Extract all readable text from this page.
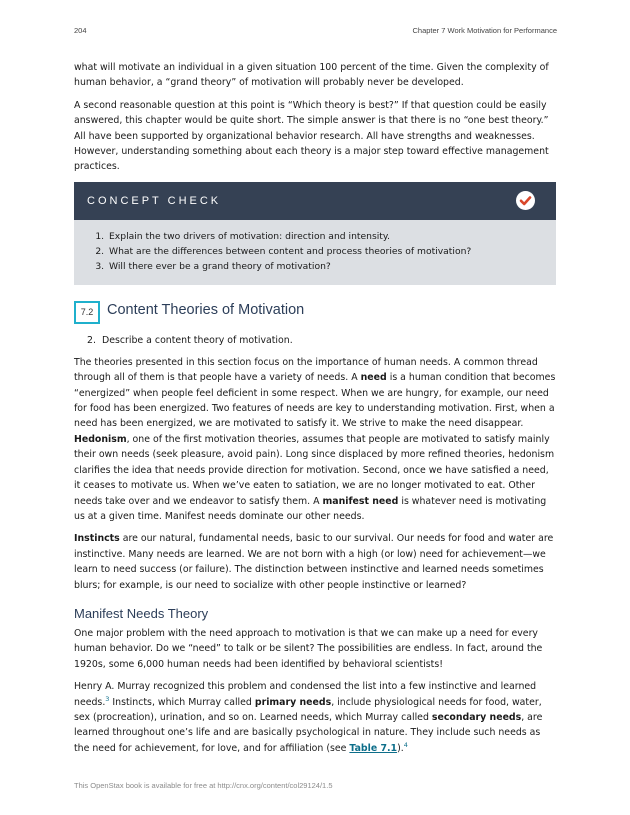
204	Chapter 7 Work Motivation for Performance

what will motivate an individual in a given situation 100 percent of the time. Given the complexity of human behavior, a “grand theory” of motivation will probably never be developed.

A second reasonable question at this point is “Which theory is best?” If that question could be easily answered, this chapter would be quite short. The simple answer is that there is no “one best theory.” All have been supported by organizational behavior research. All have strengths and weaknesses. However, understanding something about each theory is a major step toward effective management practices.

CONCEPT CHECK
1. Explain the two drivers of motivation: direction and intensity.
2. What are the differences between content and process theories of motivation?
3. Will there ever be a grand theory of motivation?
7.2 Content Theories of Motivation
2. Describe a content theory of motivation.

The theories presented in this section focus on the importance of human needs. A common thread through all of them is that people have a variety of needs. A need is a human condition that becomes “energized” when people feel deficient in some respect. When we are hungry, for example, our need for food has been energized. Two features of needs are key to understanding motivation. First, when a need has been energized, we are motivated to satisfy it. We strive to make the need disappear. Hedonism, one of the first motivation theories, assumes that people are motivated to satisfy mainly their own needs (seek pleasure, avoid pain). Long since displaced by more refined theories, hedonism clarifies the idea that needs provide direction for motivation. Second, once we have satisfied a need, it ceases to motivate us. When we’ve eaten to satiation, we are no longer motivated to eat. Other needs take over and we endeavor to satisfy them. A manifest need is whatever need is motivating us at a given time. Manifest needs dominate our other needs.

Instincts are our natural, fundamental needs, basic to our survival. Our needs for food and water are instinctive. Many needs are learned. We are not born with a high (or low) need for achievement—we learn to need success (or failure). The distinction between instinctive and learned needs sometimes blurs; for example, is our need to socialize with other people instinctive or learned?

Manifest Needs Theory

One major problem with the need approach to motivation is that we can make up a need for every human behavior. Do we “need” to talk or be silent? The possibilities are endless. In fact, around the 1920s, some 6,000 human needs had been identified by behavioral scientists!

Henry A. Murray recognized this problem and condensed the list into a few instinctive and learned needs.$^3$ Instincts, which Murray called primary needs, include physiological needs for food, water, sex (procreation), urination, and so on. Learned needs, which Murray called secondary needs, are learned throughout one’s life and are basically psychological in nature. They include such needs as the need for achievement, for love, and for affiliation (see Table 7.1).$^4$

This OpenStax book is available for free at http://cnx.org/content/col29124/1.5
